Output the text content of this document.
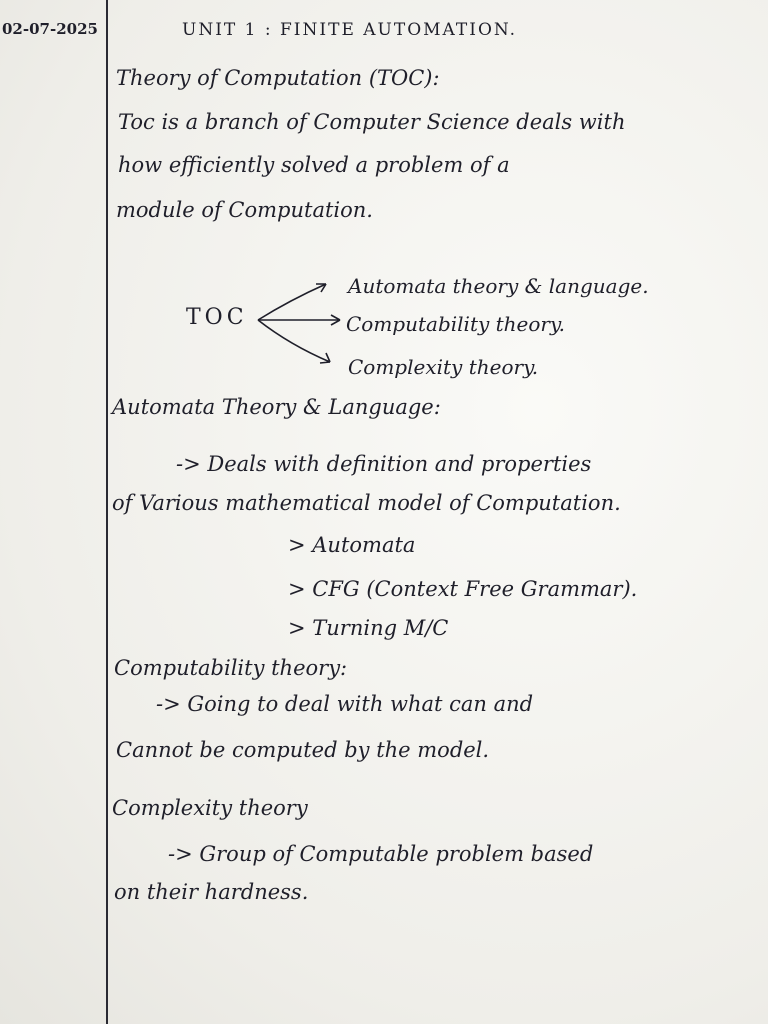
02-07-2025	UNIT 1 : FINITE AUTOMATION.
Theory of Computation (TOC):
Toc is a branch of Computer Science deals with
how efficiently solved a problem of a
module of Computation.
TOC
Automata theory & language.
Computability theory.
Complexity theory.
Automata Theory & Language:
-> Deals with definition and properties
of Various mathematical model of Computation.
> Automata
> CFG (Context Free Grammar).
> Turning M/C
Computability theory:
-> Going to deal with what can and
Cannot be computed by the model.
Complexity theory
-> Group of Computable problem based
on their hardness.
